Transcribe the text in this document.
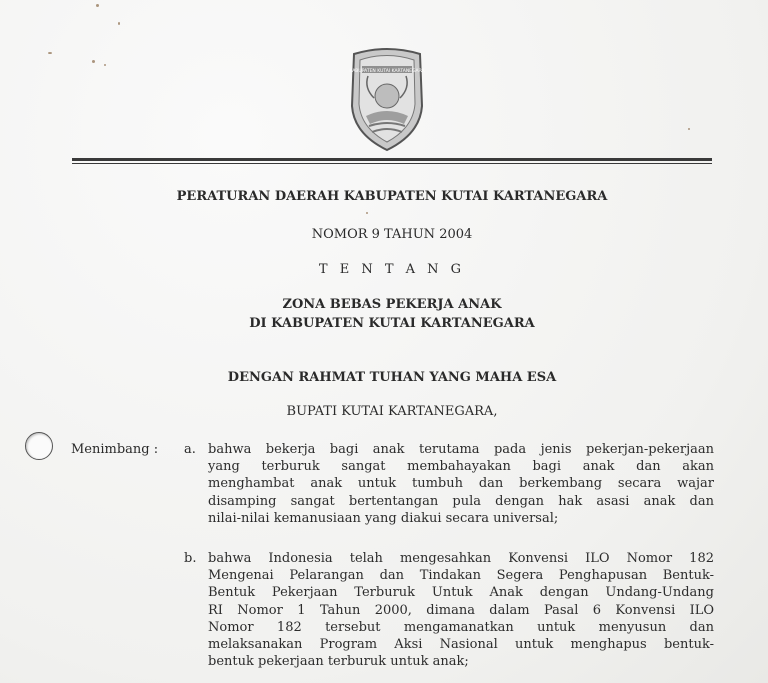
KABUPATEN KUTAI KARTANEGARA
PERATURAN DAERAH KABUPATEN KUTAI KARTANEGARA
NOMOR 9 TAHUN 2004
T E N T A N G
ZONA BEBAS PEKERJA ANAK
DI KABUPATEN KUTAI KARTANEGARA
DENGAN RAHMAT TUHAN YANG MAHA ESA
BUPATI KUTAI KARTANEGARA,
Menimbang : a. bahwa bekerja bagi anak terutama pada jenis pekerjan-pekerjaan
yang terburuk sangat membahayakan bagi anak dan akan
menghambat anak untuk tumbuh dan berkembang secara wajar
disamping sangat bertentangan pula dengan hak asasi anak dan
nilai-nilai kemanusiaan yang diakui secara universal;
b. bahwa Indonesia telah mengesahkan Konvensi ILO Nomor 182
Mengenai Pelarangan dan Tindakan Segera Penghapusan Bentuk-
Bentuk Pekerjaan Terburuk Untuk Anak dengan Undang-Undang
RI Nomor 1 Tahun 2000, dimana dalam Pasal 6 Konvensi ILO
Nomor 182 tersebut mengamanatkan untuk menyusun dan
melaksanakan Program Aksi Nasional untuk menghapus bentuk-
bentuk pekerjaan terburuk untuk anak;
